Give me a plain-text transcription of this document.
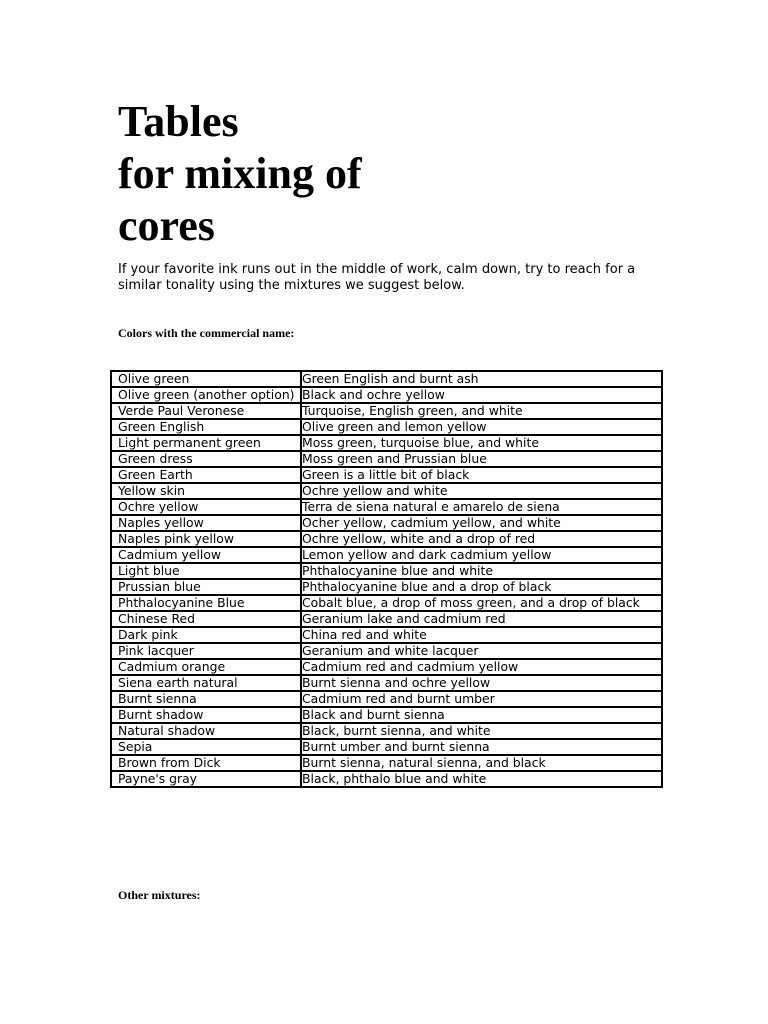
Tables
for mixing of
cores

If your favorite ink runs out in the middle of work, calm down, try to reach for a similar tonality using the mixtures we suggest below.

Colors with the commercial name:

Olive green	Green English and burnt ash
Olive green (another option)	Black and ochre yellow
Verde Paul Veronese	Turquoise, English green, and white
Green English	Olive green and lemon yellow
Light permanent green	Moss green, turquoise blue, and white
Green dress	Moss green and Prussian blue
Green Earth	Green is a little bit of black
Yellow skin	Ochre yellow and white
Ochre yellow	Terra de siena natural e amarelo de siena
Naples yellow	Ocher yellow, cadmium yellow, and white
Naples pink yellow	Ochre yellow, white and a drop of red
Cadmium yellow	Lemon yellow and dark cadmium yellow
Light blue	Phthalocyanine blue and white
Prussian blue	Phthalocyanine blue and a drop of black
Phthalocyanine Blue	Cobalt blue, a drop of moss green, and a drop of black
Chinese Red	Geranium lake and cadmium red
Dark pink	China red and white
Pink lacquer	Geranium and white lacquer
Cadmium orange	Cadmium red and cadmium yellow
Siena earth natural	Burnt sienna and ochre yellow
Burnt sienna	Cadmium red and burnt umber
Burnt shadow	Black and burnt sienna
Natural shadow	Black, burnt sienna, and white
Sepia	Burnt umber and burnt sienna
Brown from Dick	Burnt sienna, natural sienna, and black
Payne's gray	Black, phthalo blue and white

Other mixtures:
